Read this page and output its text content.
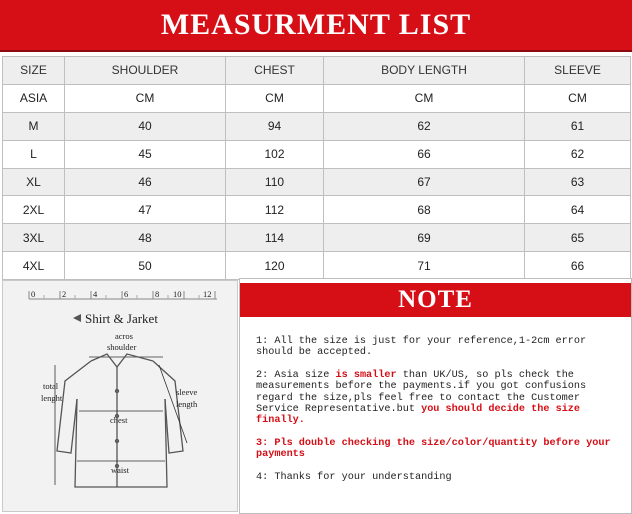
MEASURMENT LIST
SIZE	SHOULDER	CHEST	BODY LENGTH	SLEEVE
ASIA	CM	CM	CM	CM
M	40	94	62	61
L	45	102	66	62
XL	46	110	67	63
2XL	47	112	68	64
3XL	48	114	69	65
4XL	50	120	71	66
0	2	4	6	8 10	12
Shirt & Jarket
acros
shoulder
total
lenght
sleeve
length
chest
waist
NOTE

1: All the size is just for your reference,1-2cm error should be accepted.

2: Asia size is smaller than UK/US, so pls check the measurements before the payments.if you got confusions regard the size,pls feel free to contact the Customer Service Representative.but you should decide the size finally.

3: Pls double checking the size/color/quantity before your payments

4: Thanks for your understanding
